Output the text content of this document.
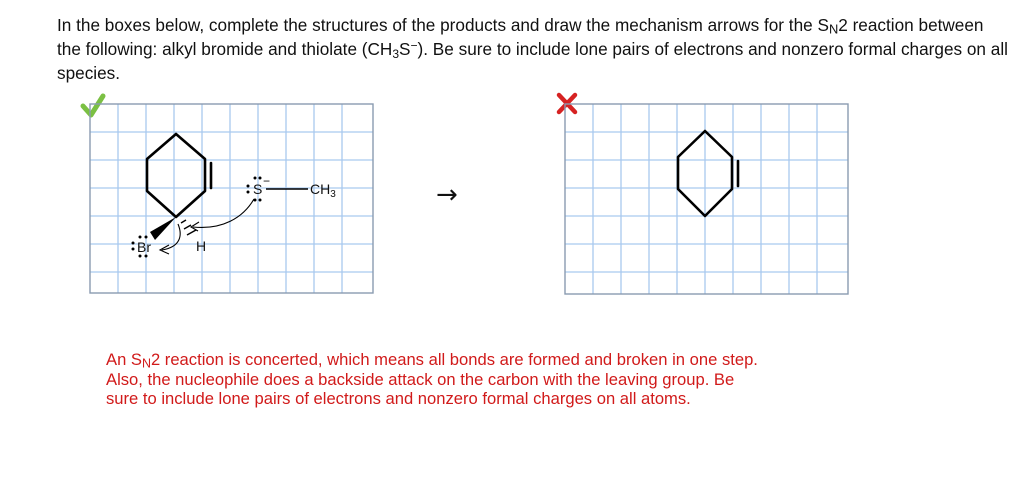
In the boxes below, complete the structures of the products and draw the mechanism arrows for the SN2 reaction between the following: alkyl bromide and thiolate $(CH_3S^-)$. Be sure to include lone pairs of electrons and nonzero formal charges on all species.

Br	H
S −	$CH_3$	→

An SN2 reaction is concerted, which means all bonds are formed and broken in one step.
Also, the nucleophile does a backside attack on the carbon with the leaving group. Be
sure to include lone pairs of electrons and nonzero formal charges on all atoms.
